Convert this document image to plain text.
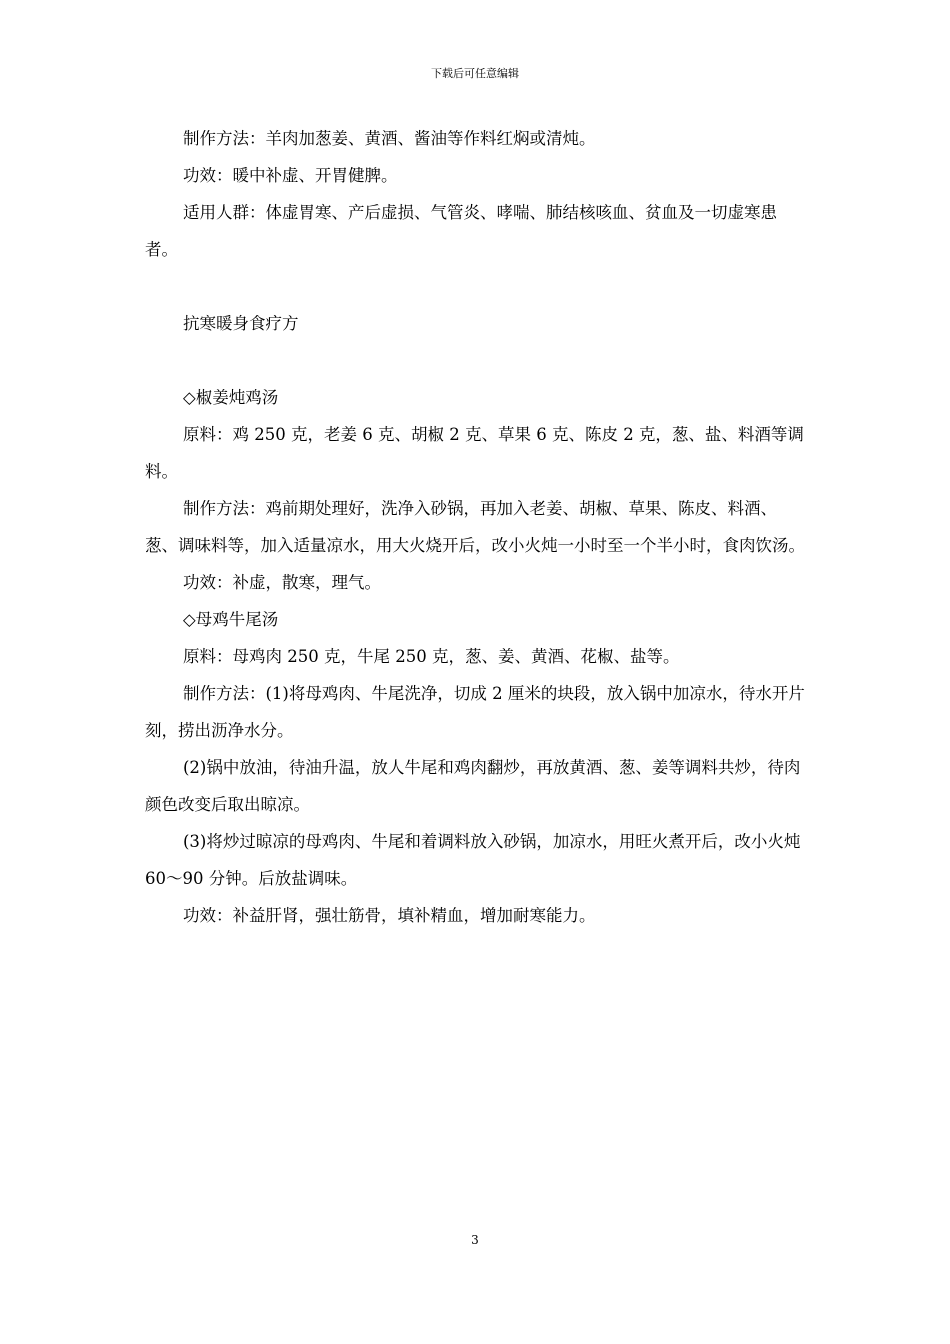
下载后可任意编辑

制作方法：羊肉加葱姜、黄酒、酱油等作料红焖或清炖。

功效：暖中补虚、开胃健脾。

适用人群：体虚胃寒、产后虚损、气管炎、哮喘、肺结核咳血、贫血及一切虚寒患者。

抗寒暖身食疗方

◇椒姜炖鸡汤

原料：鸡 250 克，老姜 6 克、胡椒 2 克、草果 6 克、陈皮 2 克，葱、盐、料酒等调料。

制作方法：鸡前期处理好，洗净入砂锅，再加入老姜、胡椒、草果、陈皮、料酒、葱、调味料等，加入适量凉水，用大火烧开后，改小火炖一小时至一个半小时，食肉饮汤。

功效：补虚，散寒，理气。

◇母鸡牛尾汤

原料：母鸡肉 250 克，牛尾 250 克，葱、姜、黄酒、花椒、盐等。

制作方法：(1)将母鸡肉、牛尾洗净，切成 2 厘米的块段，放入锅中加凉水，待水开片刻，捞出沥净水分。

(2)锅中放油，待油升温，放人牛尾和鸡肉翻炒，再放黄酒、葱、姜等调料共炒，待肉颜色改变后取出晾凉。

(3)将炒过晾凉的母鸡肉、牛尾和着调料放入砂锅，加凉水，用旺火煮开后，改小火炖 60～90 分钟。后放盐调味。

功效：补益肝肾，强壮筋骨，填补精血，增加耐寒能力。

3
